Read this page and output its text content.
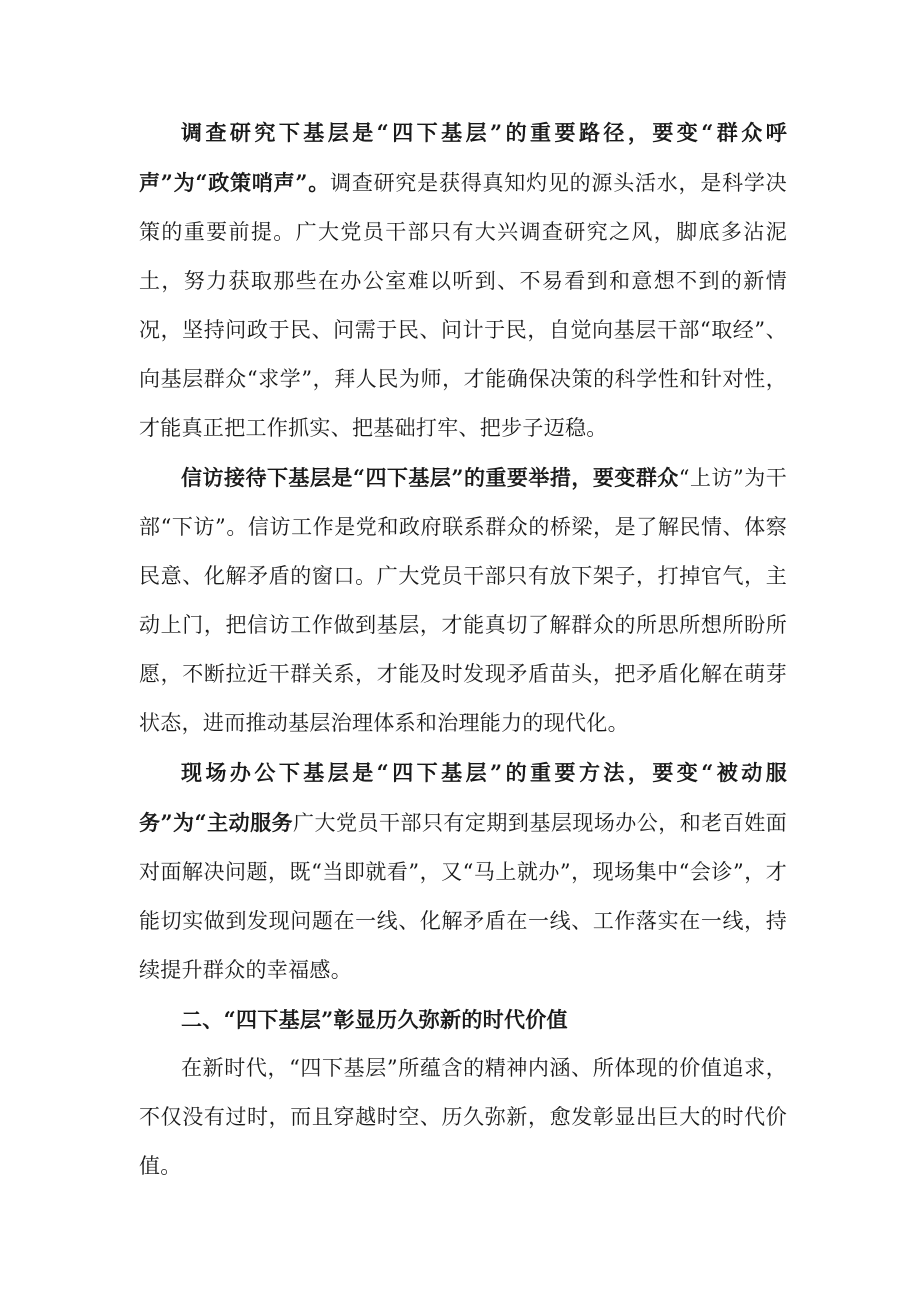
调查研究下基层是“四下基层”的重要路径，要变“群众呼声”为“政策哨声”。调查研究是获得真知灼见的源头活水，是科学决策的重要前提。广大党员干部只有大兴调查研究之风，脚底多沾泥土，努力获取那些在办公室难以听到、不易看到和意想不到的新情况，坚持问政于民、问需于民、问计于民，自觉向基层干部“取经”、向基层群众“求学”，拜人民为师，才能确保决策的科学性和针对性，才能真正把工作抓实、把基础打牢、把步子迈稳。

信访接待下基层是“四下基层”的重要举措，要变群众“上访”为干部“下访”。信访工作是党和政府联系群众的桥梁，是了解民情、体察民意、化解矛盾的窗口。广大党员干部只有放下架子，打掉官气，主动上门，把信访工作做到基层，才能真切了解群众的所思所想所盼所愿，不断拉近干群关系，才能及时发现矛盾苗头，把矛盾化解在萌芽状态，进而推动基层治理体系和治理能力的现代化。

现场办公下基层是“四下基层”的重要方法，要变“被动服务”为“主动服务广大党员干部只有定期到基层现场办公，和老百姓面对面解决问题，既“当即就看”，又“马上就办”，现场集中“会诊”，才能切实做到发现问题在一线、化解矛盾在一线、工作落实在一线，持续提升群众的幸福感。

二、“四下基层”彰显历久弥新的时代价值

在新时代，“四下基层”所蕴含的精神内涵、所体现的价值追求，不仅没有过时，而且穿越时空、历久弥新，愈发彰显出巨大的时代价值。
